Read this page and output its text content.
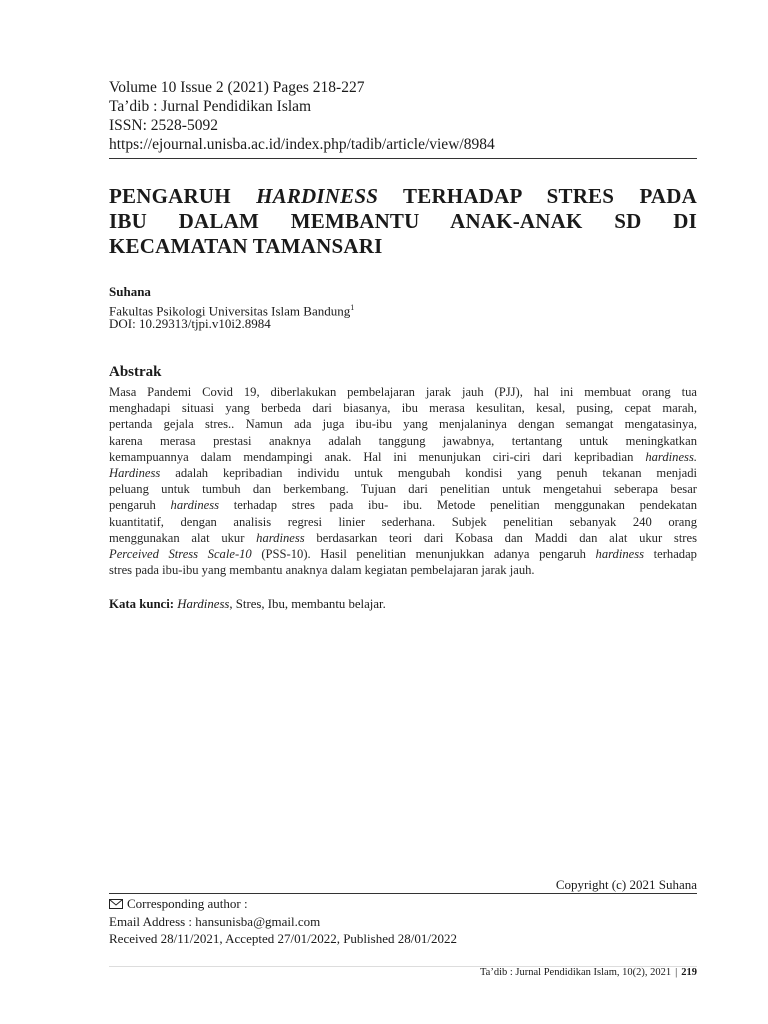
Volume 10 Issue 2 (2021) Pages 218-227
Ta’dib : Jurnal Pendidikan Islam
ISSN: 2528-5092
https://ejournal.unisba.ac.id/index.php/tadib/article/view/8984
PENGARUH HARDINESS TERHADAP STRES PADA
IBU DALAM MEMBANTU ANAK-ANAK SD DI
KECAMATAN TAMANSARI
Suhana
Fakultas Psikologi Universitas Islam Bandung$^1$
DOI: 10.29313/tjpi.v10i2.8984
Abstrak
Masa Pandemi Covid 19, diberlakukan pembelajaran jarak jauh (PJJ), hal ini membuat orang tua
menghadapi situasi yang berbeda dari biasanya, ibu merasa kesulitan, kesal, pusing, cepat marah,
pertanda gejala stres.. Namun ada juga ibu-ibu yang menjalaninya dengan semangat mengatasinya,
karena merasa prestasi anaknya adalah tanggung jawabnya, tertantang untuk meningkatkan
kemampuannya dalam mendampingi anak. Hal ini menunjukan ciri-ciri dari kepribadian hardiness.
Hardiness adalah kepribadian individu untuk mengubah kondisi yang penuh tekanan menjadi
peluang untuk tumbuh dan berkembang. Tujuan dari penelitian untuk mengetahui seberapa besar
pengaruh hardiness terhadap stres pada ibu- ibu. Metode penelitian menggunakan pendekatan
kuantitatif, dengan analisis regresi linier sederhana. Subjek penelitian sebanyak 240 orang
menggunakan alat ukur hardiness berdasarkan teori dari Kobasa dan Maddi dan alat ukur stres
Perceived Stress Scale-10 (PSS-10). Hasil penelitian menunjukkan adanya pengaruh hardiness terhadap
stres pada ibu-ibu yang membantu anaknya dalam kegiatan pembelajaran jarak jauh.
Kata kunci: Hardiness, Stres, Ibu, membantu belajar.
Copyright (c) 2021 Suhana
Corresponding author :
Email Address : hansunisba@gmail.com
Received 28/11/2021, Accepted 27/01/2022, Published 28/01/2022
Ta’dib : Jurnal Pendidikan Islam, 10(2), 2021 | 219
